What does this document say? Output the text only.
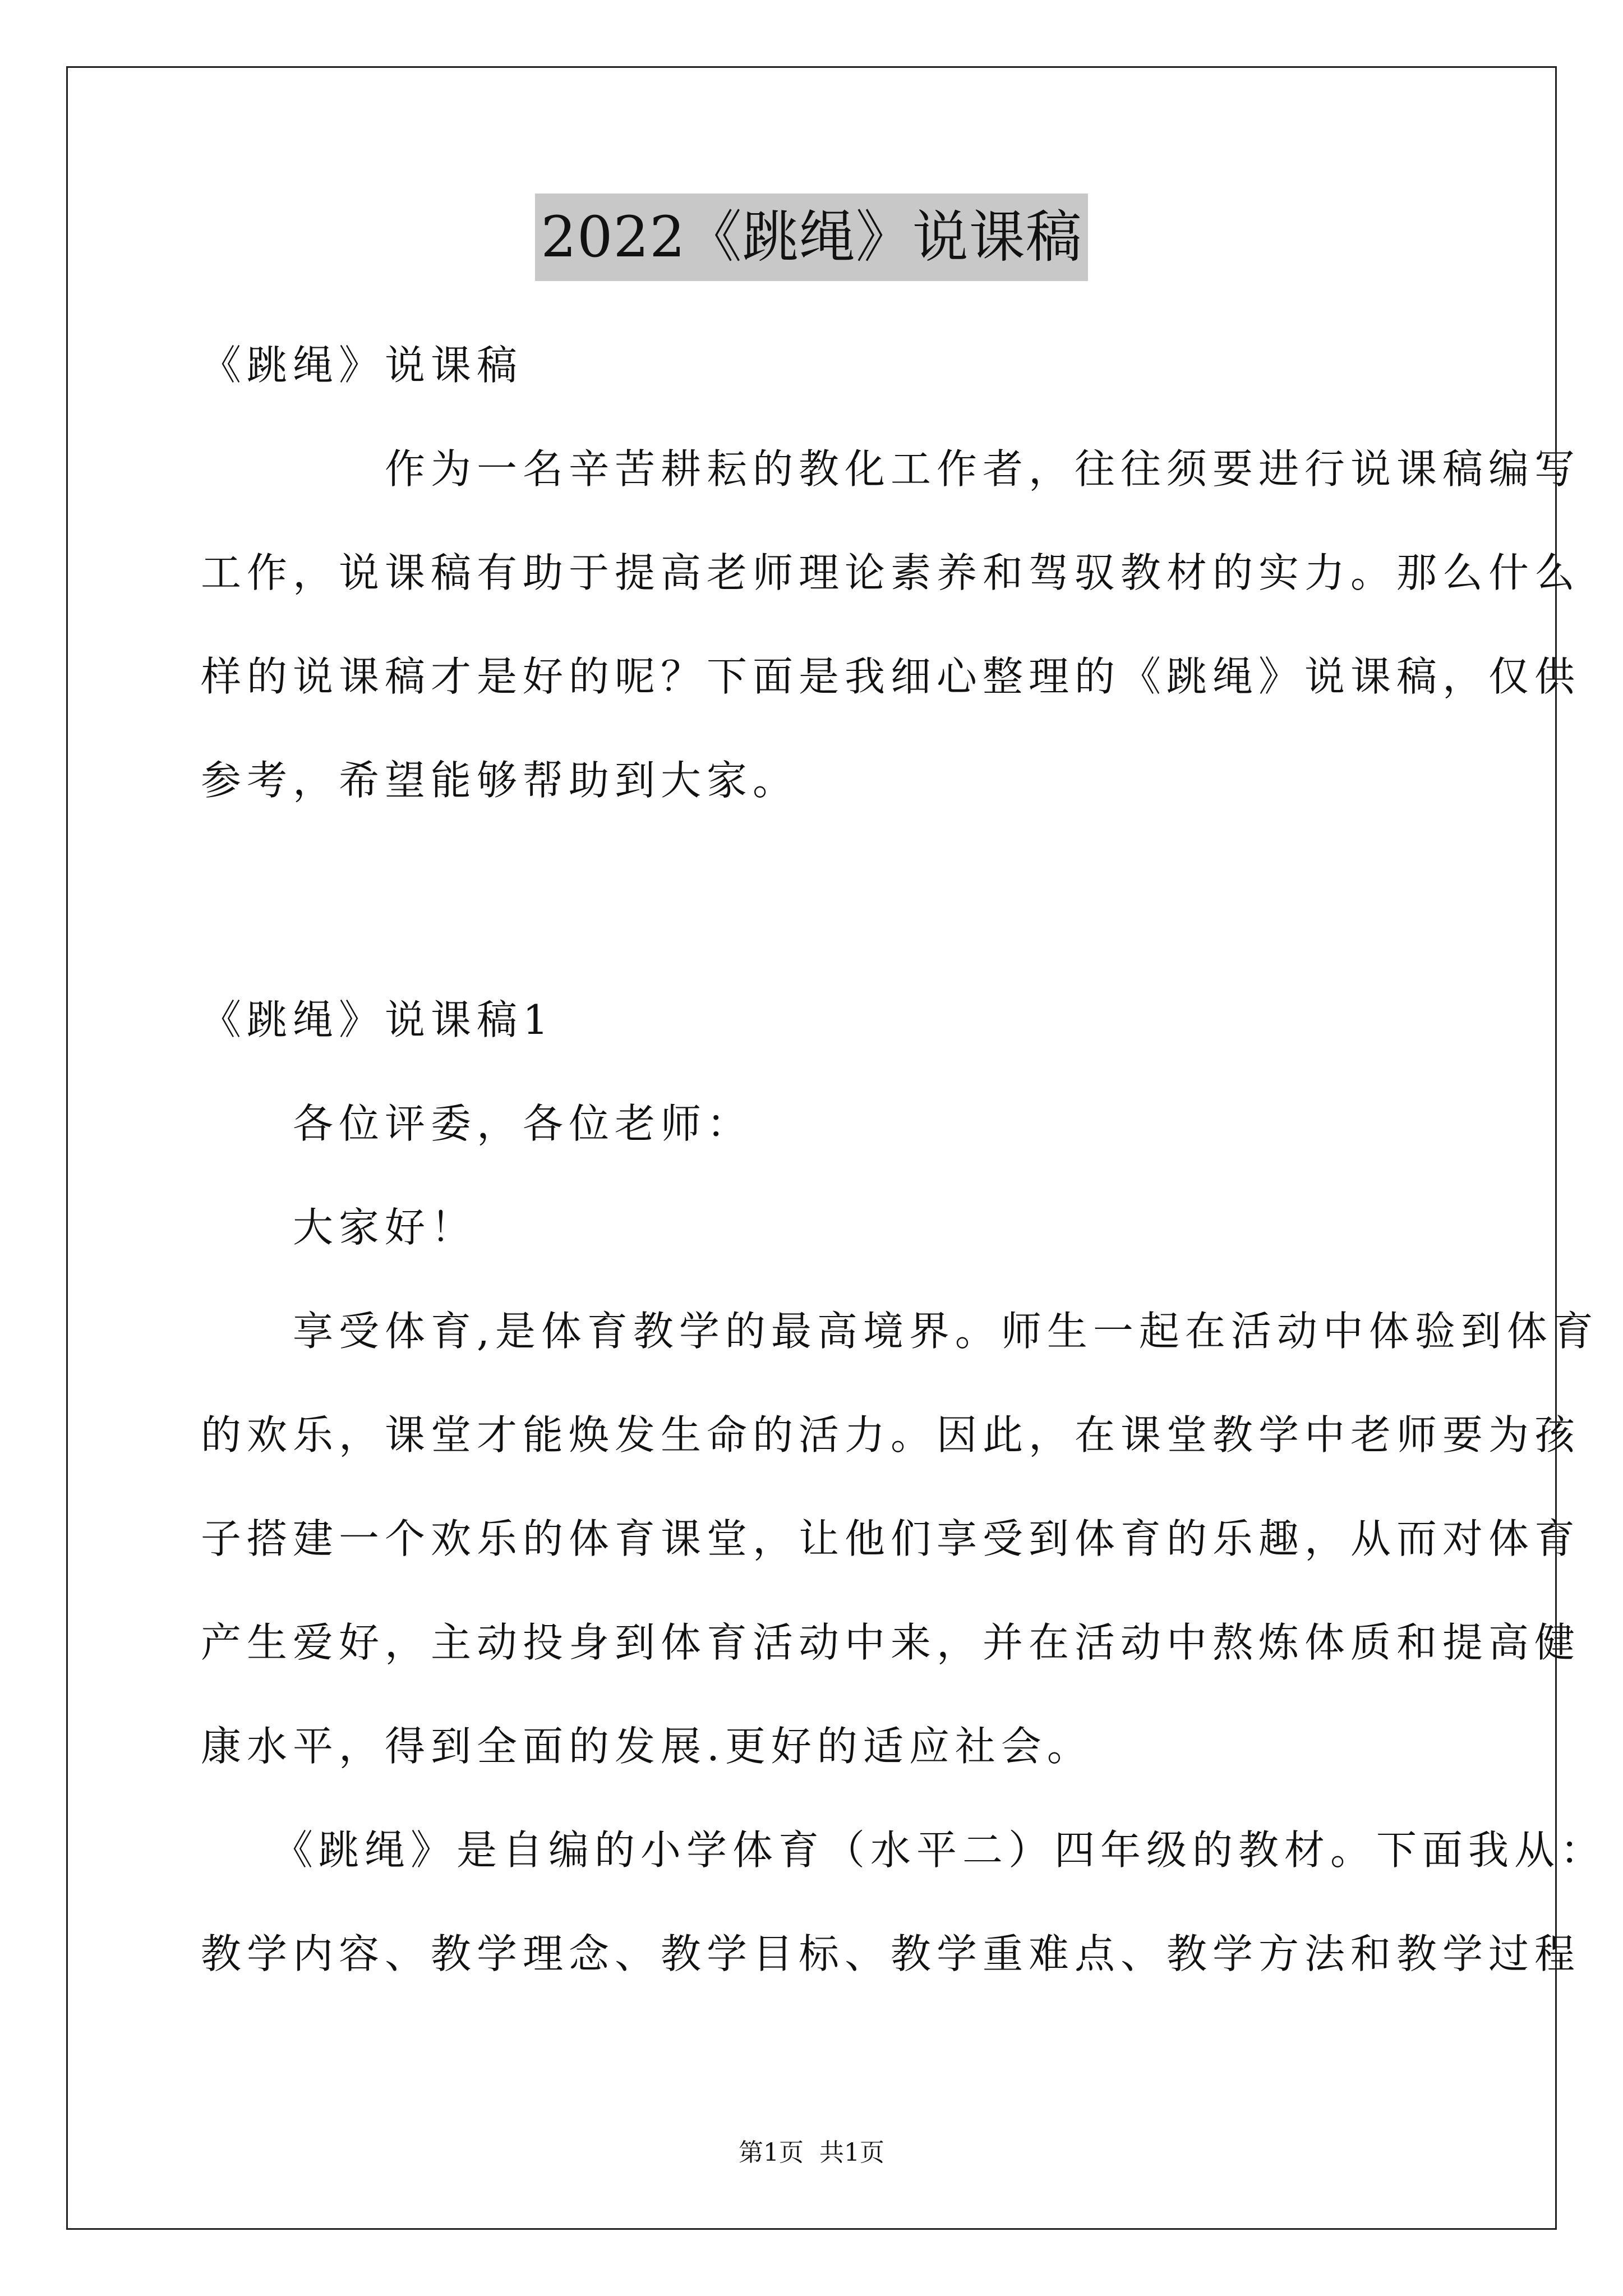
2022《跳绳》说课稿
《跳绳》说课稿
　　　　作为一名辛苦耕耘的教化工作者，往往须要进行说课稿编写
工作，说课稿有助于提高老师理论素养和驾驭教材的实力。那么什么
样的说课稿才是好的呢？下面是我细心整理的《跳绳》说课稿，仅供
参考，希望能够帮助到大家。
《跳绳》说课稿1
　　各位评委，各位老师：
　　大家好！
　　享受体育,是体育教学的最高境界。师生一起在活动中体验到体育
的欢乐，课堂才能焕发生命的活力。因此，在课堂教学中老师要为孩
子搭建一个欢乐的体育课堂，让他们享受到体育的乐趣，从而对体育
产生爱好，主动投身到体育活动中来，并在活动中熬炼体质和提高健
康水平，得到全面的发展.更好的适应社会。
　　《跳绳》是自编的小学体育（水平二）四年级的教材。下面我从：
教学内容、教学理念、教学目标、教学重难点、教学方法和教学过程
第1页 共1页
